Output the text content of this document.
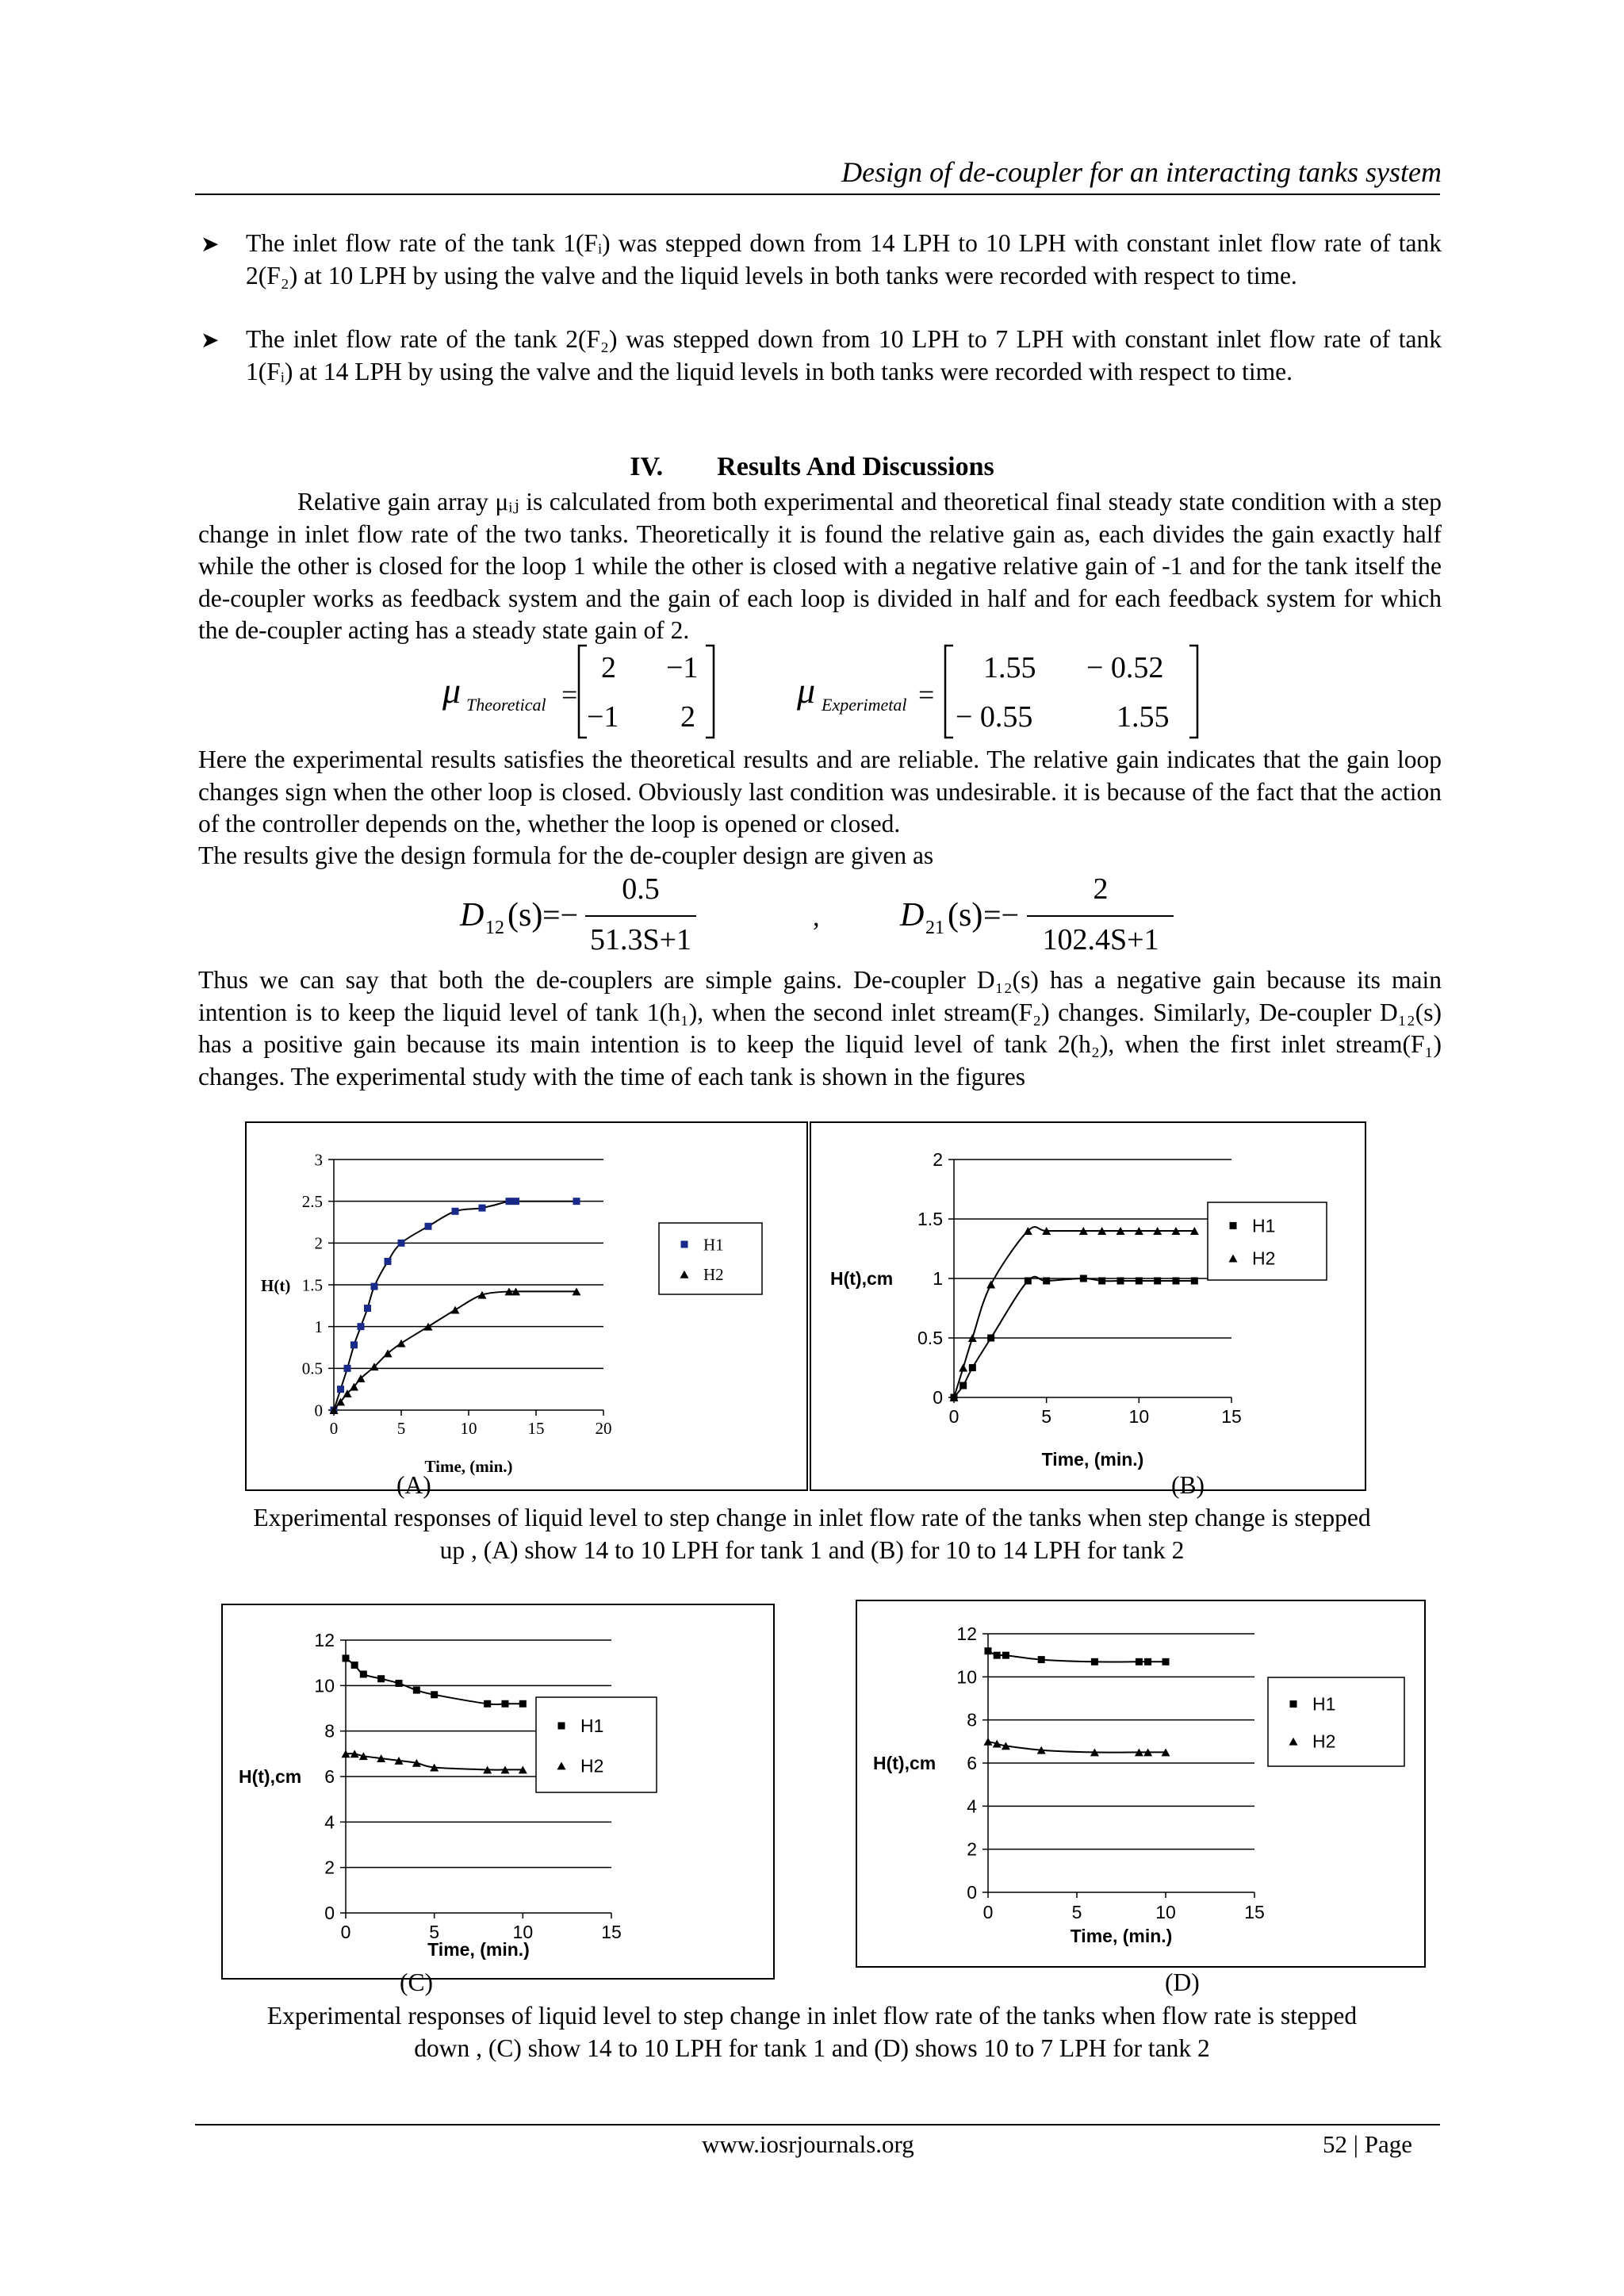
Design of de-coupler for an interacting tanks system
➤ The inlet flow rate of the tank 1(Fᵢ) was stepped down from 14 LPH to 10 LPH with constant inlet flow rate of tank 2(F₂) at 10 LPH by using the valve and the liquid levels in both tanks were recorded with respect to time.
➤ The inlet flow rate of the tank 2(F₂) was stepped down from 10 LPH to 7 LPH with constant inlet flow rate of tank 1(Fᵢ) at 14 LPH by using the valve and the liquid levels in both tanks were recorded with respect to time.
IV. Results And Discussions
Relative gain array μᵢⱼ is calculated from both experimental and theoretical final steady state condition with a step change in inlet flow rate of the two tanks. Theoretically it is found the relative gain as, each divides the gain exactly half while the other is closed for the loop 1 while the other is closed with a negative relative gain of -1 and for the tank itself the de-coupler works as feedback system and the gain of each loop is divided in half and for each feedback system for which the de-coupler acting has a steady state gain of 2.
μ Theoretical =
2 −1
−1 2
μ Experimetal =
1.55 − 0.52
− 0.55	1.55
Here the experimental results satisfies the theoretical results and are reliable. The relative gain indicates that the gain loop changes sign when the other loop is closed. Obviously last condition was undesirable. it is because of the fact that the action of the controller depends on the, whether the loop is opened or closed.
The results give the design formula for the de-coupler design are given as
D 12 (s) =−
0.5
51.3S+1
, D 21 (s) =−
2
102.4S+1
Thus we can say that both the de-couplers are simple gains. De-coupler D₁₂(s) has a negative gain because its main intention is to keep the liquid level of tank 1(h₁), when the second inlet stream(F₂) changes. Similarly, De-coupler D₁₂(s) has a positive gain because its main intention is to keep the liquid level of tank 2(h₂), when the first inlet stream(F₁) changes. The experimental study with the time of each tank is shown in the figures
0
0.5
1
1.5
2
2.5
3
0	5	10	15	20
H(t)
Time, (min.)
H1
H2
0
0.5
1
1.5
2
0	5	10	15
H(t),cm
Time, (min.)
H1
H2
0
2
4
6
8
10
12
0	5	10	15
H(t),cm
Time, (min.)
H1
H2
0
2
4
6
8
10
12
0	5	10	15
H(t),cm
Time, (min.)
H1
H2
(A)	(B)
(C)	(D)
Experimental responses of liquid level to step change in inlet flow rate of the tanks when step change is stepped
up , (A) show 14 to 10 LPH for tank 1 and (B) for 10 to 14 LPH for tank 2
Experimental responses of liquid level to step change in inlet flow rate of the tanks when flow rate is stepped
down , (C) show 14 to 10 LPH for tank 1 and (D) shows 10 to 7 LPH for tank 2
www.iosrjournals.org	52 | Page
